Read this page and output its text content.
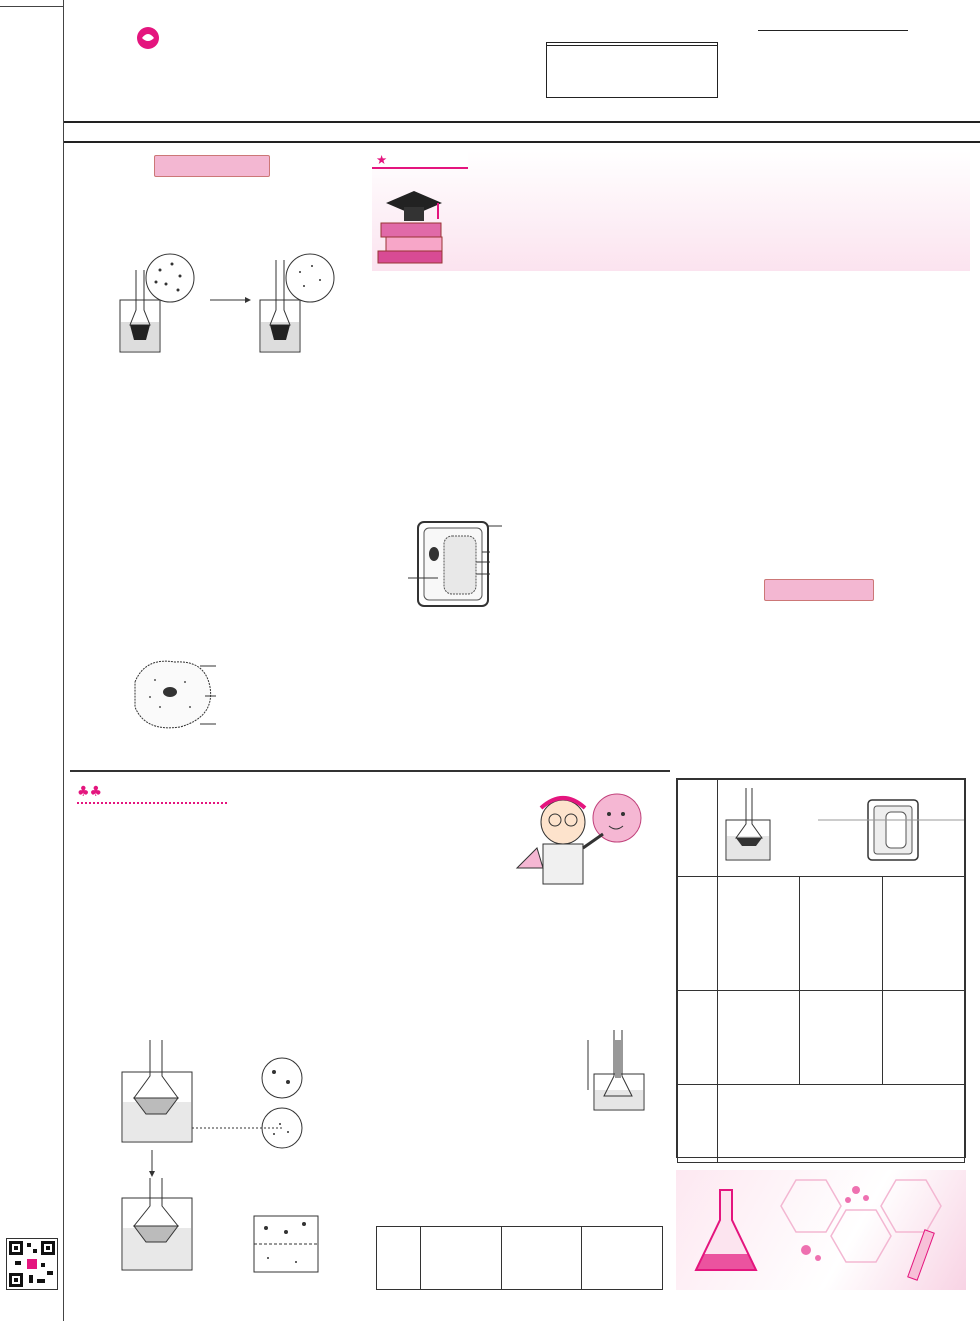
★

♣♣
